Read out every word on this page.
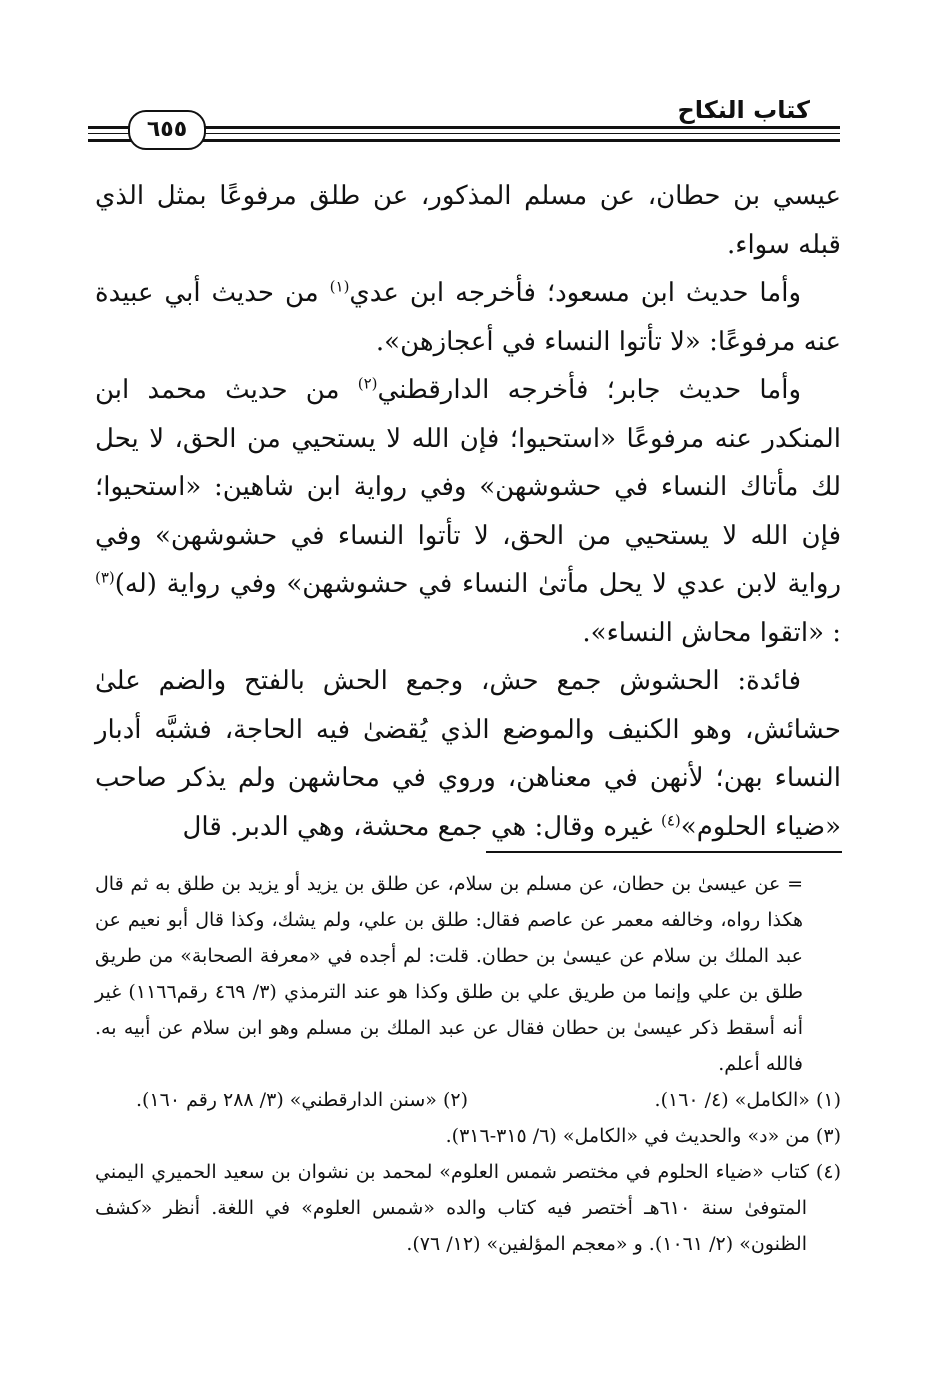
كتاب النكاح
٦٥٥

عيسي بن حطان، عن مسلم المذكور، عن طلق مرفوعًا بمثل الذي قبله سواء.

وأما حديث ابن مسعود؛ فأخرجه ابن عدي$^{(١)}$ من حديث أبي عبيدة عنه مرفوعًا: «لا تأتوا النساء في أعجازهن».

وأما حديث جابر؛ فأخرجه الدارقطني$^{(٢)}$ من حديث محمد ابن المنكدر عنه مرفوعًا «استحيوا؛ فإن الله لا يستحيي من الحق، لا يحل لك مأتاك النساء في حشوشهن» وفي رواية ابن شاهين: «استحيوا؛ فإن الله لا يستحيي من الحق، لا تأتوا النساء في حشوشهن» وفي رواية لابن عدي لا يحل مأتىٰ النساء في حشوشهن» وفي رواية (له)$^{(٣)}$ : «اتقوا محاش النساء».

فائدة: الحشوش جمع حش، وجمع الحش بالفتح والضم علىٰ حشائش، وهو الكنيف والموضع الذي يُقضىٰ فيه الحاجة، فشبَّه أدبار النساء بهن؛ لأنهن في معناهن، وروي في محاشهن ولم يذكر صاحب «ضياء الحلوم»$^{(٤)}$ غيره وقال: هي جمع محشة، وهي الدبر. قال

= عن عيسىٰ بن حطان، عن مسلم بن سلام، عن طلق بن يزيد أو يزيد بن طلق به ثم قال هكذا رواه، وخالفه معمر عن عاصم فقال: طلق بن علي، ولم يشك، وكذا قال أبو نعيم عن عبد الملك بن سلام عن عيسىٰ بن حطان. قلت: لم أجده في «معرفة الصحابة» من طريق طلق بن علي وإنما من طريق علي بن طلق وكذا هو عند الترمذي (٣/ ٤٦٩ رقم١١٦٦) غير أنه أسقط ذكر عيسىٰ بن حطان فقال عن عبد الملك بن مسلم وهو ابن سلام عن أبيه به. فالله أعلم.

(١) «الكامل» (٤/ ١٦٠).
(٢) «سنن الدارقطني» (٣/ ٢٨٨ رقم ١٦٠).

(٣) من «د» والحديث في «الكامل» (٦/ ٣١٥-٣١٦).

(٤) كتاب «ضياء الحلوم في مختصر شمس العلوم» لمحمد بن نشوان بن سعيد الحميري اليمني المتوفىٰ سنة ٦١٠هـ أختصر فيه كتاب والده «شمس العلوم» في اللغة. أنظر «كشف الظنون» (٢/ ١٠٦١). و «معجم المؤلفين» (١٢/ ٧٦).
